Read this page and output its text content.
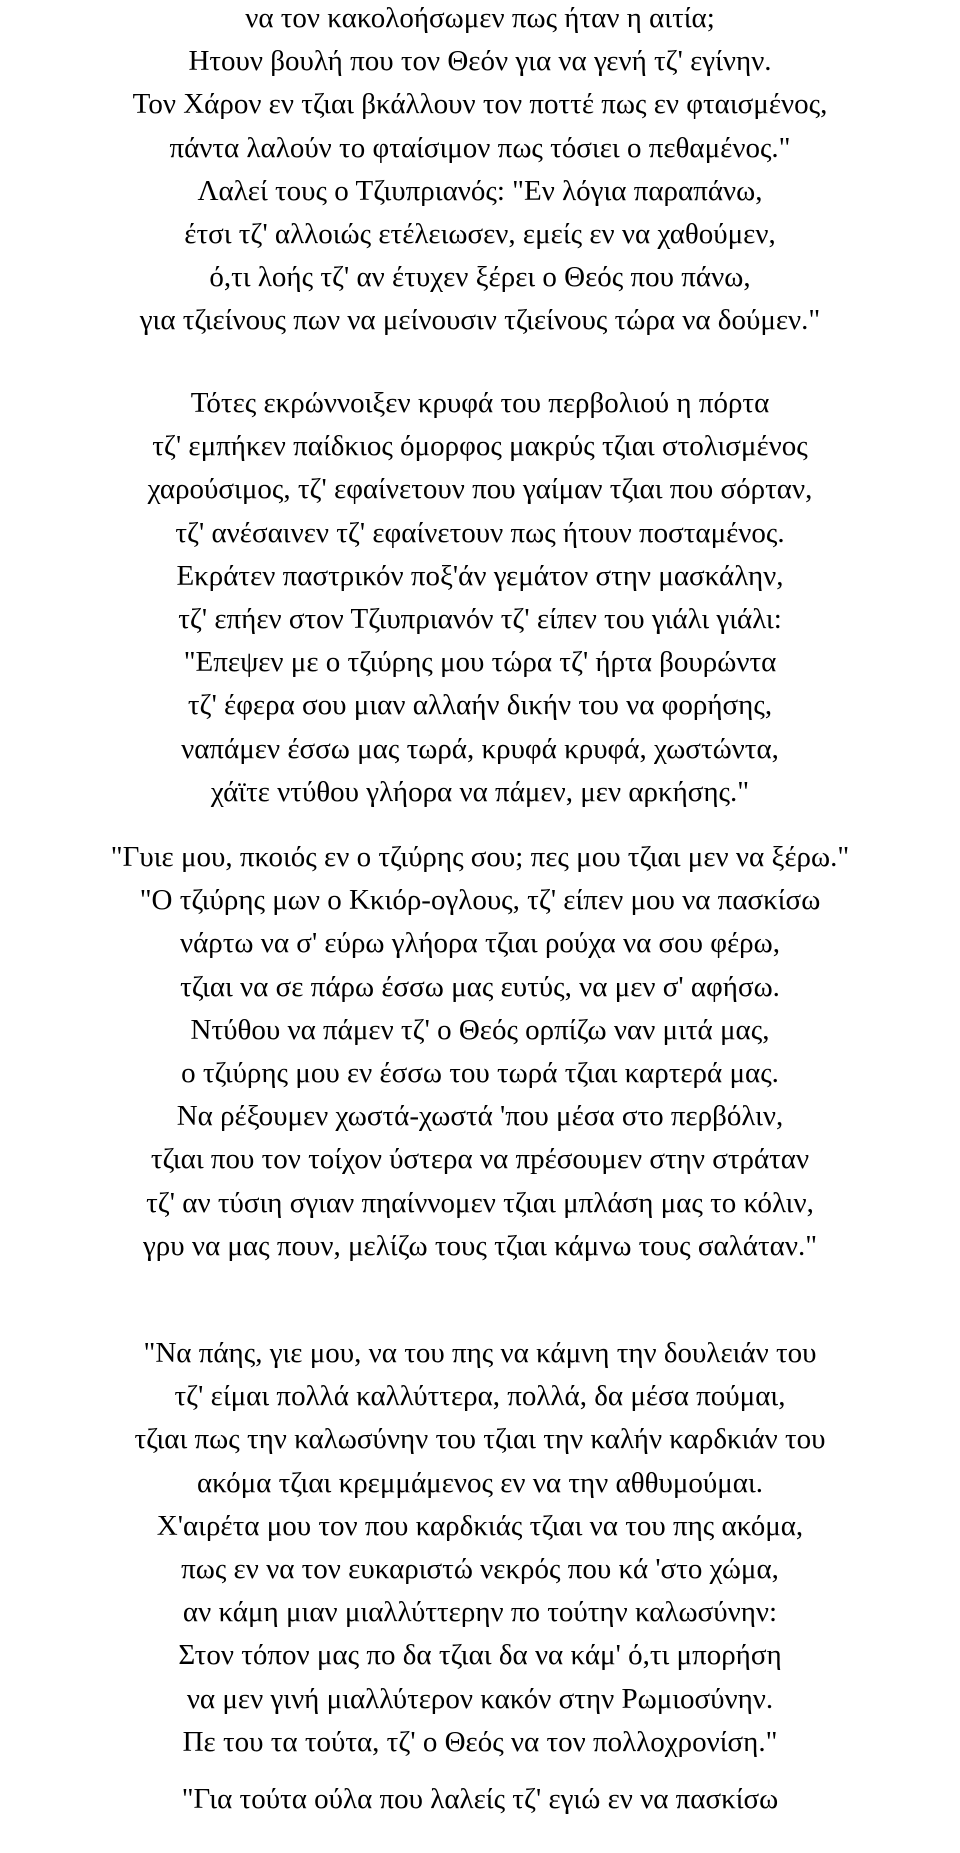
να τον κακολοήσωμεν πως ήταν η αιτία;
Ητουν βουλή που τον Θεόν για να γενή τζ' εγίνην.
Τον Χάρον εν τζιαι βκάλλουν τον ποττέ πως εν φταισμένος,
πάντα λαλούν το φταίσιμον πως τόσιει ο πεθαμένος."
Λαλεί τους ο Τζιυπριανός: "Εν λόγια παραπάνω,
έτσι τζ' αλλοιώς ετέλειωσεν, εμείς εν να χαθούμεν,
ό,τι λοής τζ' αν έτυχεν ξέρει ο Θεός που πάνω,
για τζιείνους πων να μείνουσιν τζιείνους τώρα να δούμεν."
Τότες εκρώννοιξεν κρυφά του περβολιού η πόρτα
τζ' εμπήκεν παίδκιος όμορφος μακρύς τζιαι στολισμένος
χαρούσιμος, τζ' εφαίνετουν που γαίμαν τζιαι που σόρταν,
τζ' ανέσαινεν τζ' εφαίνετουν πως ήτουν ποσταμένος.
Εκράτεν παστρικόν ποξ'άν γεμάτον στην μασκάλην,
τζ' επήεν στον Τζιυπριανόν τζ' είπεν του γιάλι γιάλι:
"Επεψεν με ο τζιύρης μου τώρα τζ' ήρτα βουρώντα
τζ' έφερα σου μιαν αλλαήν δικήν του να φορήσης,
ναπάμεν έσσω μας τωρά, κρυφά κρυφά, χωστώντα,
χάϊτε ντύθου γλήορα να πάμεν, μεν αρκήσης."
"Γυιε μου, πκοιός εν ο τζιύρης σου; πες μου τζιαι μεν να ξέρω."
"Ο τζιύρης μων ο Κκιόρ-ογλους, τζ' είπεν μου να πασκίσω
νάρτω να σ' εύρω γλήορα τζιαι ρούχα να σου φέρω,
τζιαι να σε πάρω έσσω μας ευτύς, να μεν σ' αφήσω.
Ντύθου να πάμεν τζ' ο Θεός ορπίζω ναν μιτά μας,
ο τζιύρης μου εν έσσω του τωρά τζιαι καρτερά μας.
Να ρέξουμεν χωστά-χωστά 'που μέσα στο περβόλιν,
τζιαι που τον τοίχον ύστερα να πpέσουμεν στην στράταν
τζ' αν τύσιη σγιαν πηαίννομεν τζιαι μπλάση μας το κόλιν,
γρυ να μας πουν, μελίζω τους τζιαι κάμνω τους σαλάταν."
"Να πάης, γιε μου, να του πης να κάμνη την δουλειάν του
τζ' είμαι πολλά καλλύττερα, πολλά, δα μέσα πούμαι,
τζιαι πως την καλωσύνην του τζιαι την καλήν καρδκιάν του
ακόμα τζιαι κρεμμάμενος εν να την αθθυμούμαι.
Χ'αιρέτα μου τον που καρδκιάς τζιαι να του πης ακόμα,
πως εν να τον ευκαριστώ νεκρός που κά 'στο χώμα,
αν κάμη μιαν μιαλλύττερην πο τούτην καλωσύνην:
Στον τόπον μας πο δα τζιαι δα να κάμ' ό,τι μπορήση
να μεν γινή μιαλλύτερον κακόν στην Ρωμιοσύνην.
Πε του τα τούτα, τζ' ο Θεός να τον πολλοχρονίση."
"Για τούτα ούλα που λαλείς τζ' εγιώ εν να πασκίσω
